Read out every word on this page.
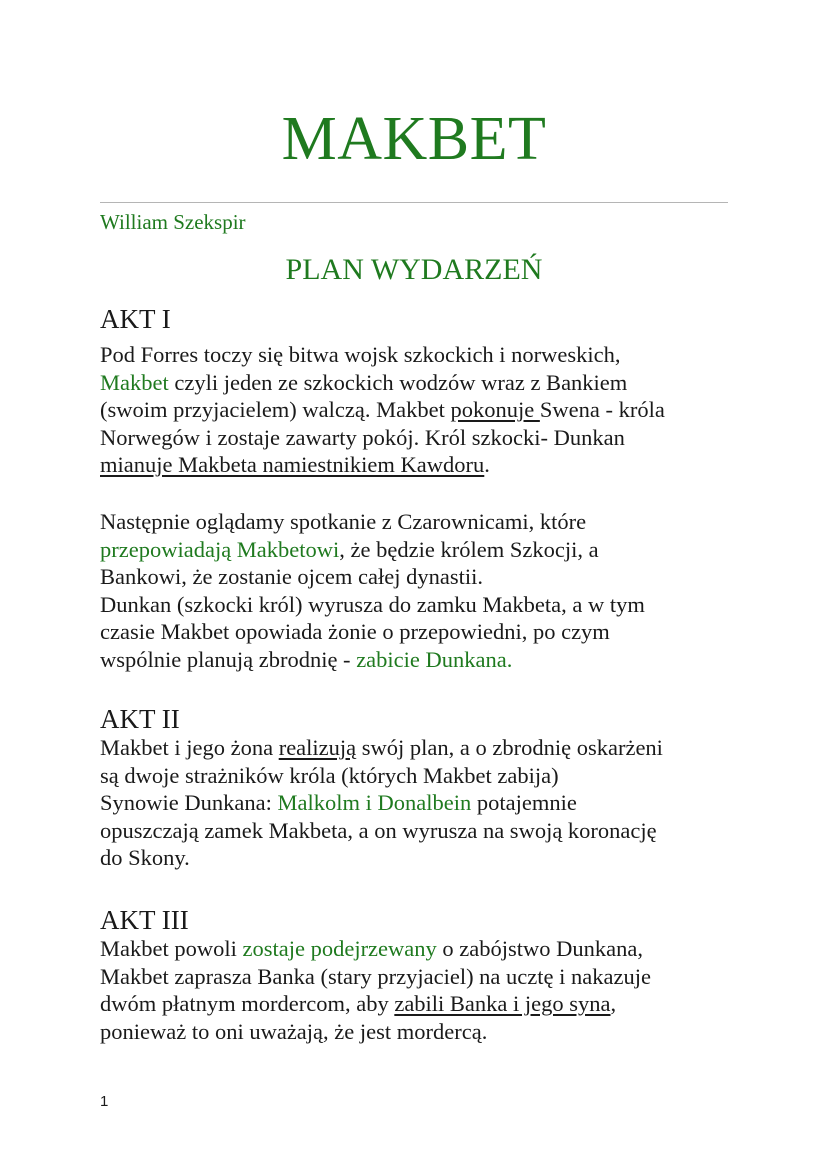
MAKBET
William Szekspir
PLAN WYDARZEŃ
AKT I

Pod Forres toczy się bitwa wojsk szkockich i norweskich,

Makbet czyli jeden ze szkockich wodzów wraz z Bankiem

(swoim przyjacielem) walczą. Makbet pokonuje Swena - króla

Norwegów i zostaje zawarty pokój. Król szkocki- Dunkan

mianuje Makbeta namiestnikiem Kawdoru.

Następnie oglądamy spotkanie z Czarownicami, które

przepowiadają Makbetowi, że będzie królem Szkocji, a

Bankowi, że zostanie ojcem całej dynastii.

Dunkan (szkocki król) wyrusza do zamku Makbeta, a w tym

czasie Makbet opowiada żonie o przepowiedni, po czym

wspólnie planują zbrodnię - zabicie Dunkana.

AKT II

Makbet i jego żona realizują swój plan, a o zbrodnię oskarżeni

są dwoje strażników króla (których Makbet zabija)

Synowie Dunkana: Malkolm i Donalbein potajemnie

opuszczają zamek Makbeta, a on wyrusza na swoją koronację

do Skony.

AKT III

Makbet powoli zostaje podejrzewany o zabójstwo Dunkana,

Makbet zaprasza Banka (stary przyjaciel) na ucztę i nakazuje

dwóm płatnym mordercom, aby zabili Banka i jego syna,

ponieważ to oni uważają, że jest mordercą.

1
